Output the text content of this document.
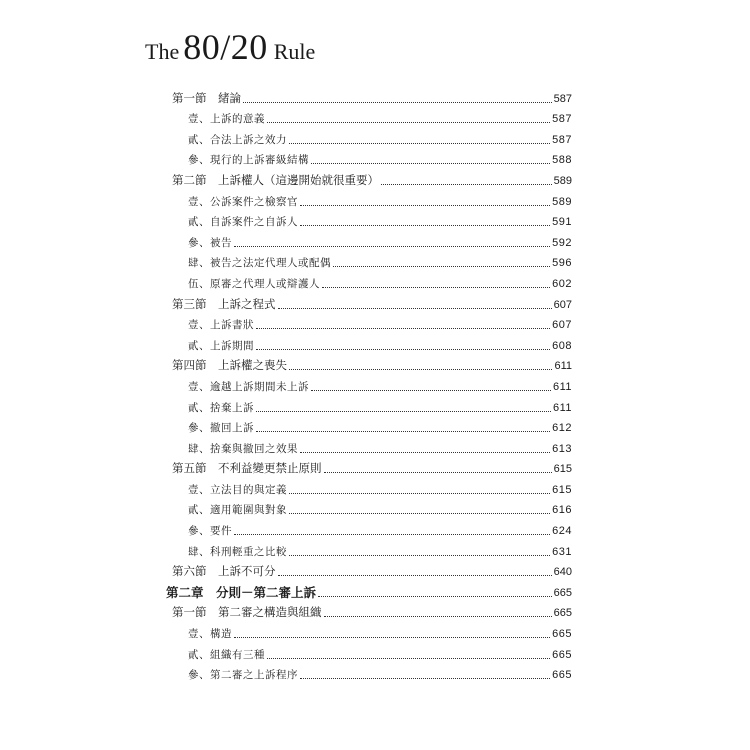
The 80/20 Rule
第一節　緒論	587
壹、上訴的意義	587
貳、合法上訴之效力	587
參、現行的上訴審級結構	588
第二節　上訴權人（這邊開始就很重要）	589
壹、公訴案件之檢察官	589
貳、自訴案件之自訴人	591
參、被告	592
肆、被告之法定代理人或配偶	596
伍、原審之代理人或辯護人	602
第三節　上訴之程式	607
壹、上訴書狀	607
貳、上訴期間	608
第四節　上訴權之喪失	611
壹、逾越上訴期間未上訴	611
貳、捨棄上訴	611
參、撤回上訴	612
肆、捨棄與撤回之效果	613
第五節　不利益變更禁止原則	615
壹、立法目的與定義	615
貳、適用範圍與對象	616
參、要件	624
肆、科刑輕重之比較	631
第六節　上訴不可分	640
第二章　分則－第二審上訴	665
第一節　第二審之構造與組織	665
壹、構造	665
貳、組織有三種	665
參、第二審之上訴程序	665
